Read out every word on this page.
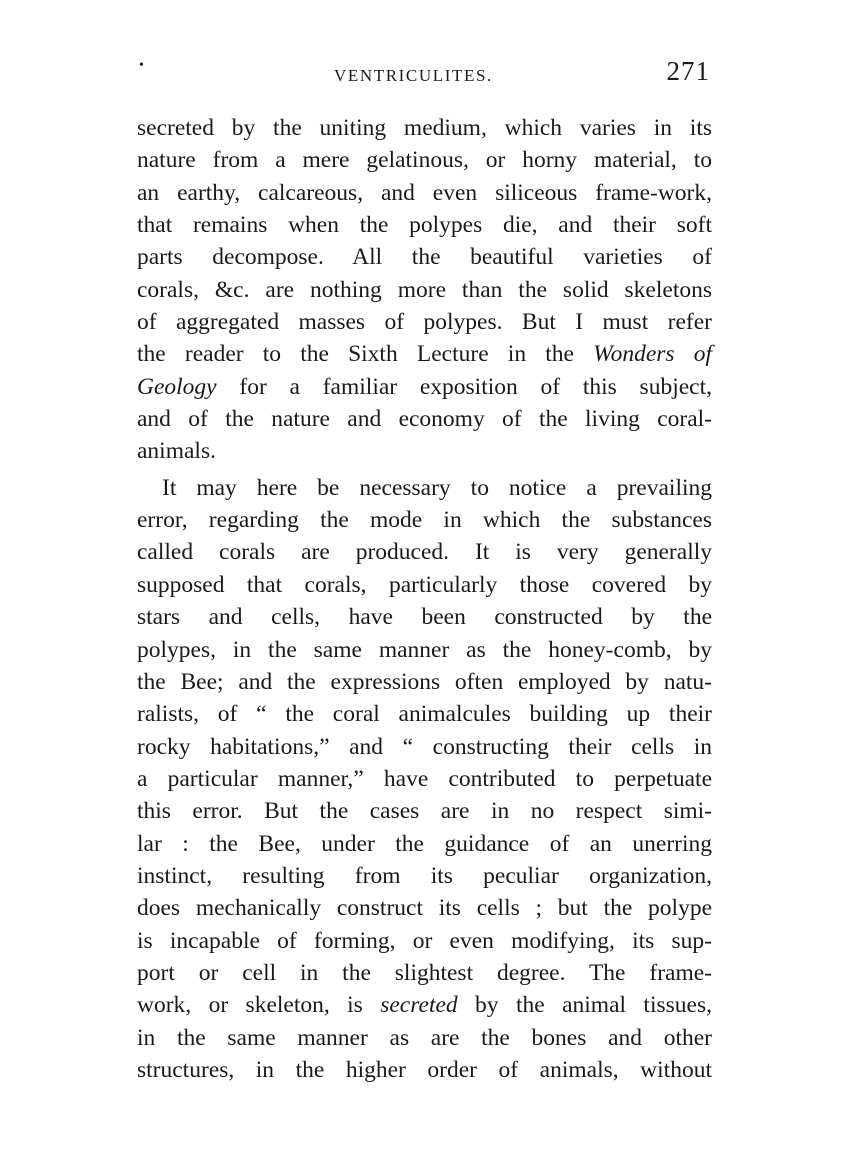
•
VENTRICULITES.	271
secreted by the uniting medium, which varies in its
nature from a mere gelatinous, or horny material, to
an earthy, calcareous, and even siliceous frame-work,
that remains when the polypes die, and their soft
parts decompose. All the beautiful varieties of
corals, &c. are nothing more than the solid skeletons
of aggregated masses of polypes. But I must refer
the reader to the Sixth Lecture in the Wonders of
Geology for a familiar exposition of this subject,
and of the nature and economy of the living coral-
animals.
It may here be necessary to notice a prevailing
error, regarding the mode in which the substances
called corals are produced. It is very generally
supposed that corals, particularly those covered by
stars and cells, have been constructed by the
polypes, in the same manner as the honey-comb, by
the Bee; and the expressions often employed by natu-
ralists, of “ the coral animalcules building up their
rocky habitations,” and “ constructing their cells in
a particular manner,” have contributed to perpetuate
this error. But the cases are in no respect simi-
lar : the Bee, under the guidance of an unerring
instinct, resulting from its peculiar organization,
does mechanically construct its cells ; but the polype
is incapable of forming, or even modifying, its sup-
port or cell in the slightest degree. The frame-
work, or skeleton, is secreted by the animal tissues,
in the same manner as are the bones and other
structures, in the higher order of animals, without
